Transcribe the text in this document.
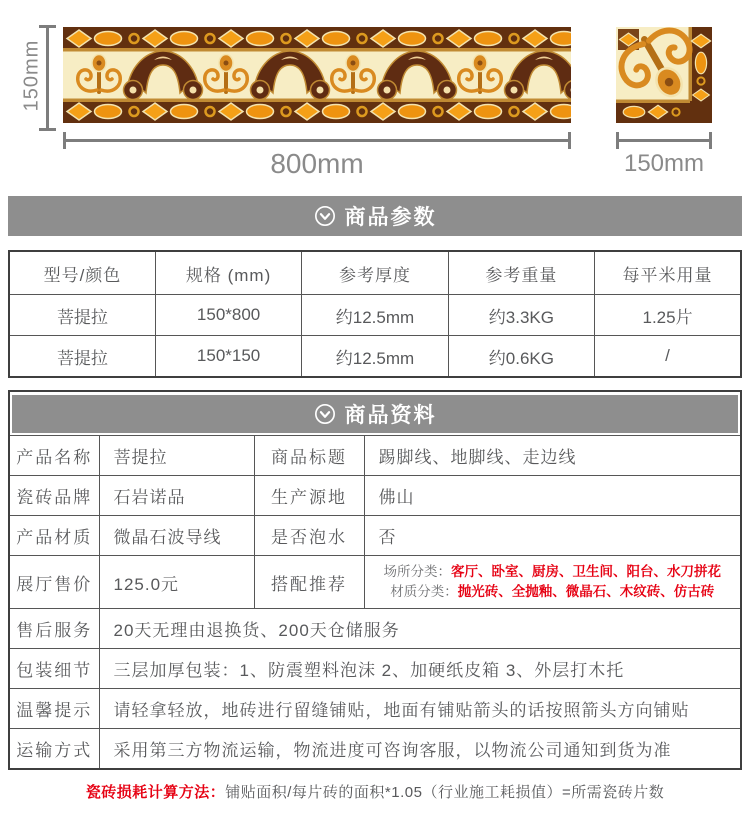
150mm
800mm	150mm
商品参数
型号/颜色	规格 (mm)	参考厚度	参考重量	每平米用量
菩提拉	150*800	约12.5mm	约3.3KG	1.25片
菩提拉	150*150	约12.5mm	约0.6KG	/
商品资料			

产品名称	菩提拉	商品标题	踢脚线、地脚线、走边线
瓷砖品牌	石岩诺品	生产源地	佛山
产品材质	微晶石波导线	是否泡水	否
展厅售价	125.0元	搭配推荐	场所分类：客厅、卧室、厨房、卫生间、阳台、水刀拼花
材质分类：抛光砖、全抛釉、微晶石、木纹砖、仿古砖

售后服务	20天无理由退换货、200天仓储服务		
包装细节	三层加厚包装：1、防震塑料泡沫 2、加硬纸皮箱 3、外层打木托		
温馨提示	请轻拿轻放，地砖进行留缝铺贴，地面有铺贴箭头的话按照箭头方向铺贴		
运输方式	采用第三方物流运输，物流进度可咨询客服，以物流公司通知到货为准		
瓷砖损耗计算方法：铺贴面积/每片砖的面积*1.05（行业施工耗损值）=所需瓷砖片数
